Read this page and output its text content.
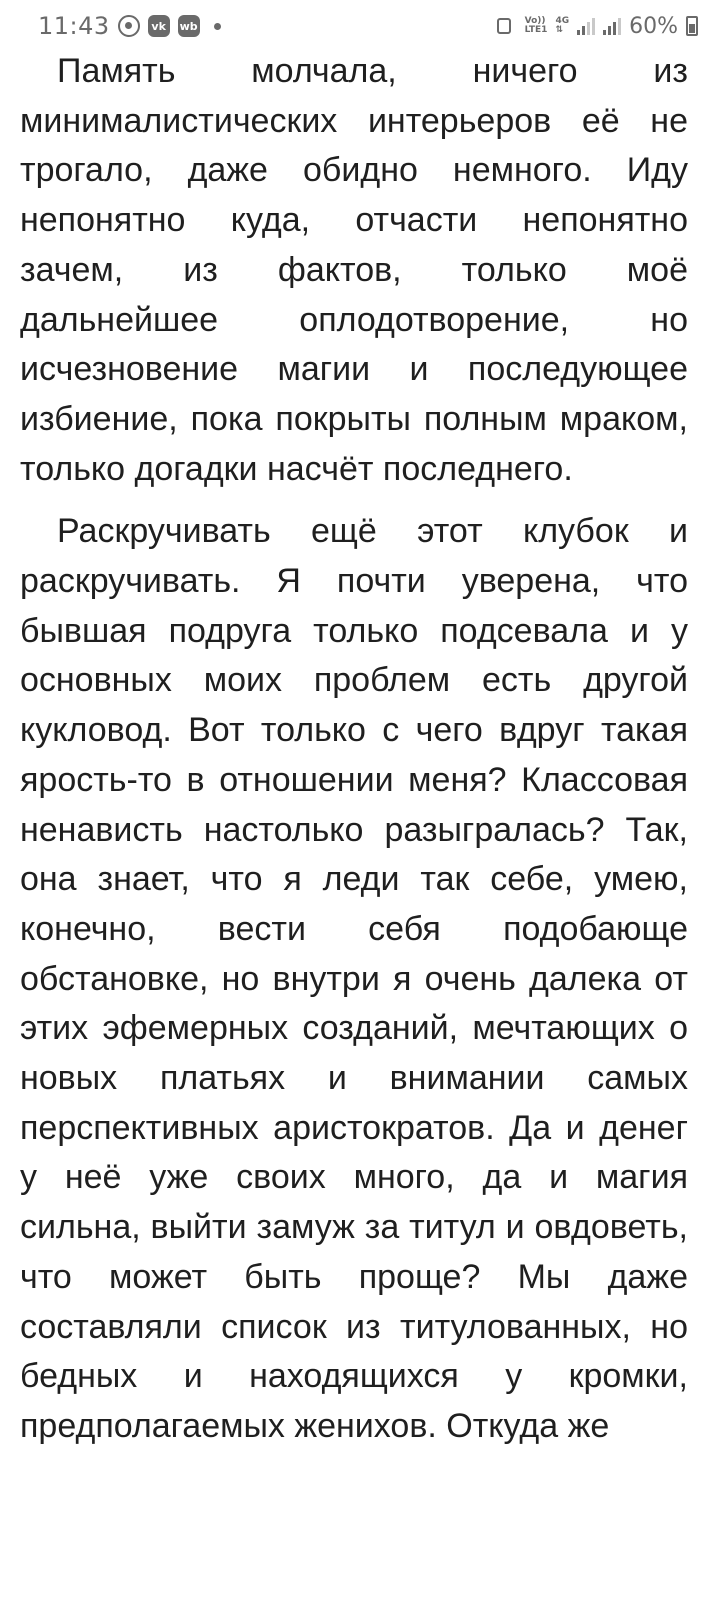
11:43	vk	wb	Vo))
LTE1
4G
⇅	60%

Память молчала, ничего из минималистических интерьеров её не трогало, даже обидно немного. Иду непонятно куда, отчасти непонятно зачем, из фактов, только моё дальнейшее оплодотворение, но исчезновение магии и последующее избиение, пока покрыты полным мраком, только догадки насчёт последнего.

Раскручивать ещё этот клубок и раскручивать. Я почти уверена, что бывшая подруга только подсевала и у основных моих проблем есть другой кукловод. Вот только с чего вдруг такая ярость-то в отношении меня? Классовая ненависть настолько разыгралась? Так, она знает, что я леди так себе, умею, конечно, вести себя подобающе обстановке, но внутри я очень далека от этих эфемерных созданий, мечтающих о новых платьях и внимании самых перспективных аристократов. Да и денег у неё уже своих много, да и магия сильна, выйти замуж за титул и овдоветь, что может быть проще? Мы даже составляли список из титулованных, но бедных и находящихся у кромки, предполагаемых женихов. Откуда же
